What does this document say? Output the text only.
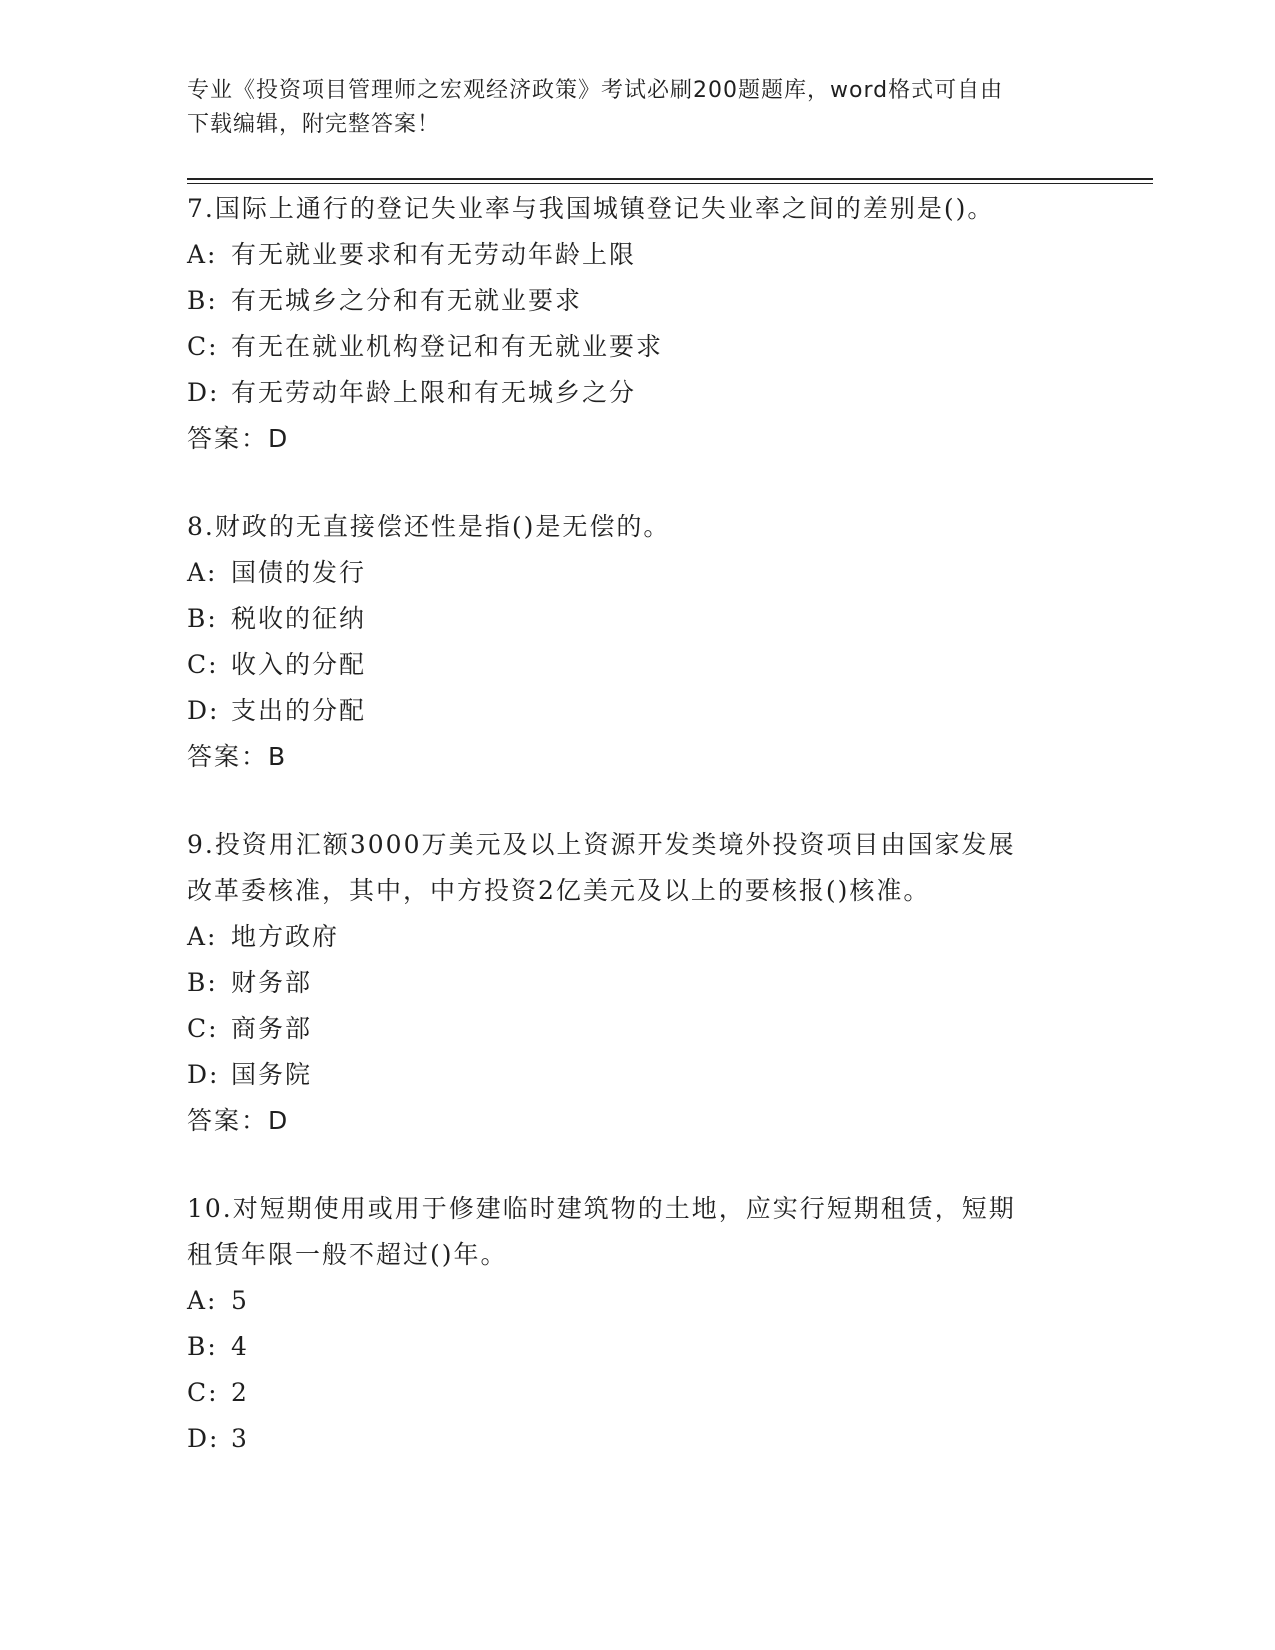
专业《投资项目管理师之宏观经济政策》考试必刷200题题库，word格式可自由
下载编辑，附完整答案！
7.国际上通行的登记失业率与我国城镇登记失业率之间的差别是()。
A: 有无就业要求和有无劳动年龄上限
B: 有无城乡之分和有无就业要求
C: 有无在就业机构登记和有无就业要求
D: 有无劳动年龄上限和有无城乡之分
答案：D
8.财政的无直接偿还性是指()是无偿的。
A: 国债的发行
B: 税收的征纳
C: 收入的分配
D: 支出的分配
答案：B
9.投资用汇额3000万美元及以上资源开发类境外投资项目由国家发展
改革委核准，其中，中方投资2亿美元及以上的要核报()核准。
A: 地方政府
B: 财务部
C: 商务部
D: 国务院
答案：D
10.对短期使用或用于修建临时建筑物的土地，应实行短期租赁，短期
租赁年限一般不超过()年。
A: 5
B: 4
C: 2
D: 3
